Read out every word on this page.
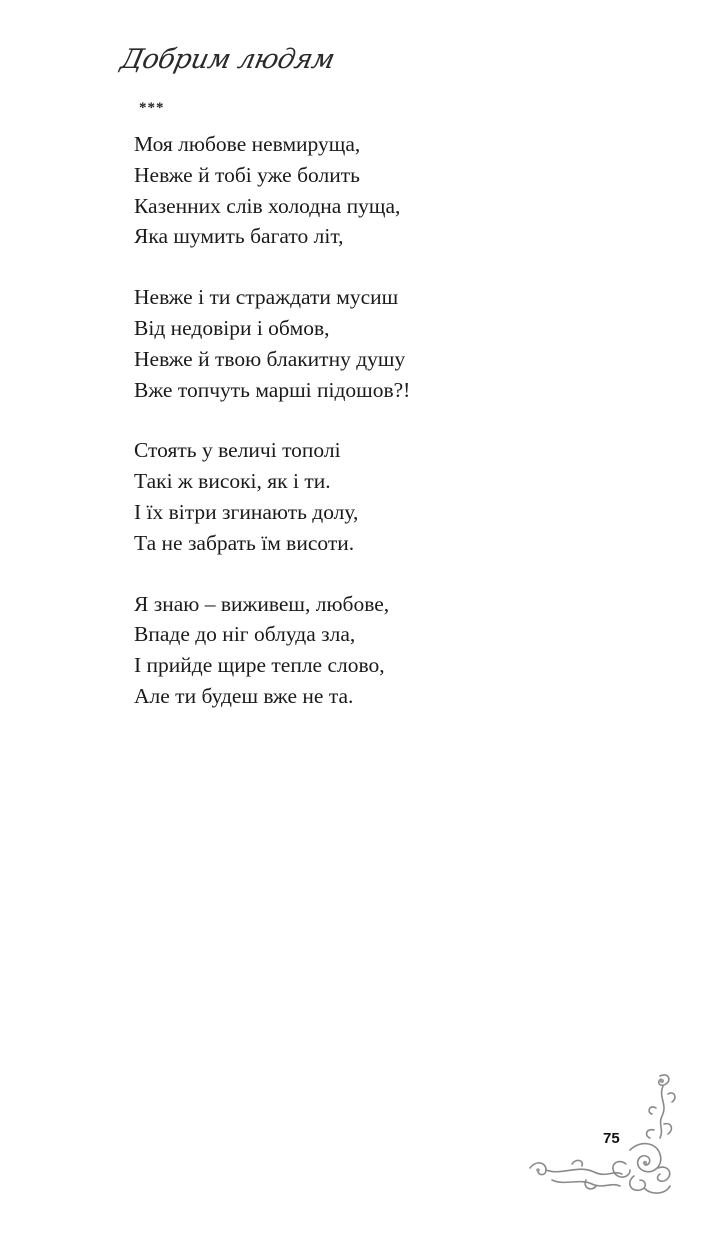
Добрим людям
***
Моя любове невмируща,
Невже й тобі уже болить
Казенних слів холодна пуща,
Яка шумить багато літ,
Невже і ти страждати мусиш
Від недовіри і обмов,
Невже й твою блакитну душу
Вже топчуть марші підошов?!
Стоять у величі тополі
Такі ж високі, як і ти.
І їх вітри згинають долу,
Та не забрать їм висоти.
Я знаю – виживеш, любове,
Впаде до ніг облуда зла,
І прийде щире тепле слово,
Але ти будеш вже не та.
75
